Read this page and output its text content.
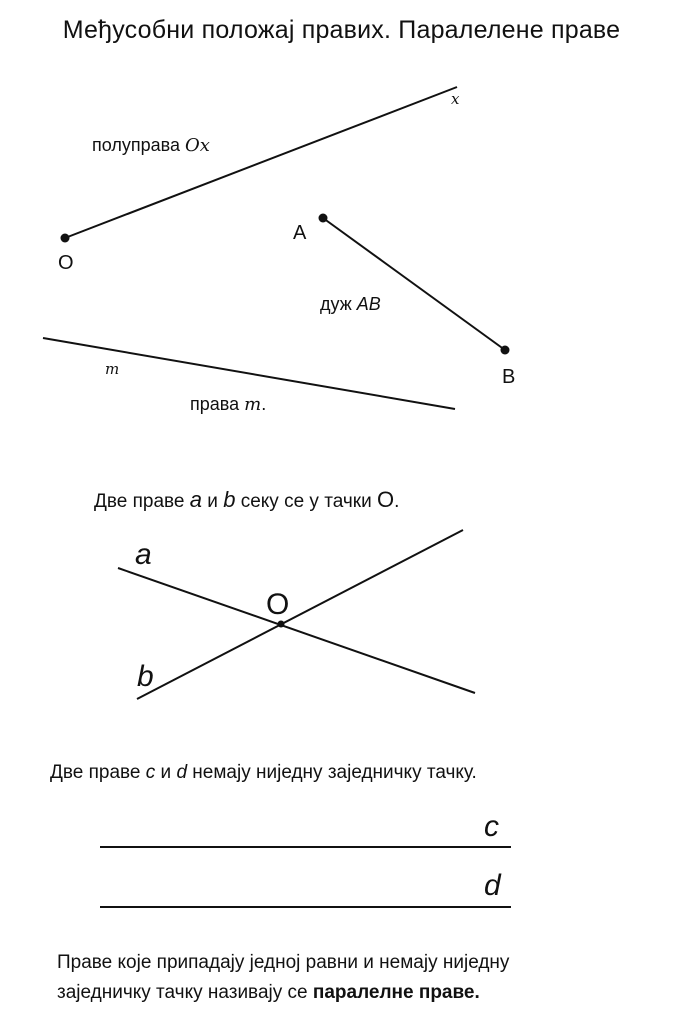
Међусобни положај правих. Паралелене праве
полуправа Ox
x
O
A
B
дуж AB
m
права m.
Две праве a и b секу се у тачки O.
a
b
O
Две праве c и d немају ниједну заједничку тачку.
c
d
Праве које припадају једној равни и немају ниједну
заједничку тачку називају се паралелне праве.
